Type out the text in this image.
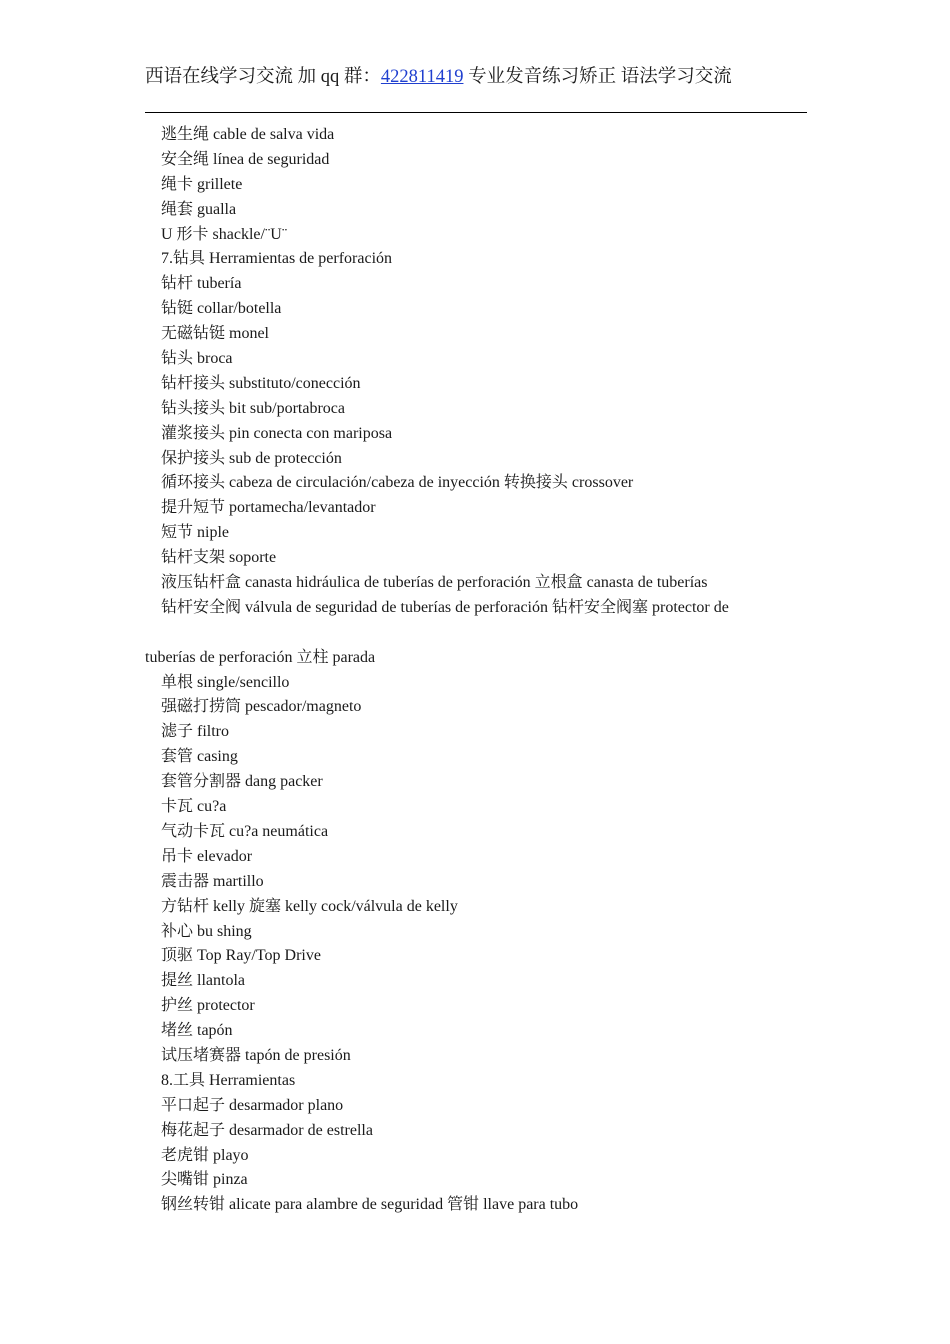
西语在线学习交流 加 qq 群：422811419 专业发音练习矫正 语法学习交流
逃生绳 cable de salva vida
安全绳 línea de seguridad
绳卡 grillete
绳套 gualla
U 形卡 shackle/¨U¨
7.钻具 Herramientas de perforación
钻杆 tubería
钻铤 collar/botella
无磁钻铤 monel
钻头 broca
钻杆接头 substituto/conección
钻头接头 bit sub/portabroca
灌浆接头 pin conecta con mariposa
保护接头 sub de protección
循环接头 cabeza de circulación/cabeza de inyección 转换接头 crossover
提升短节 portamecha/levantador
短节 niple
钻杆支架 soporte
液压钻杆盒 canasta hidráulica de tuberías de perforación 立根盒 canasta de tuberías
钻杆安全阀 válvula de seguridad de tuberías de perforación 钻杆安全阀塞 protector de
tuberías de perforación 立柱 parada
单根 single/sencillo
强磁打捞筒 pescador/magneto
滤子 filtro
套管 casing
套管分割器 dang packer
卡瓦 cu?a
气动卡瓦 cu?a neumática
吊卡 elevador
震击器 martillo
方钻杆 kelly 旋塞 kelly cock/válvula de kelly
补心 bu shing
顶驱 Top Ray/Top Drive
提丝 llantola
护丝 protector
堵丝 tapón
试压堵赛器 tapón de presión
8.工具 Herramientas
平口起子 desarmador plano
梅花起子 desarmador de estrella
老虎钳 playo
尖嘴钳 pinza
钢丝转钳 alicate para alambre de seguridad 管钳 llave para tubo
